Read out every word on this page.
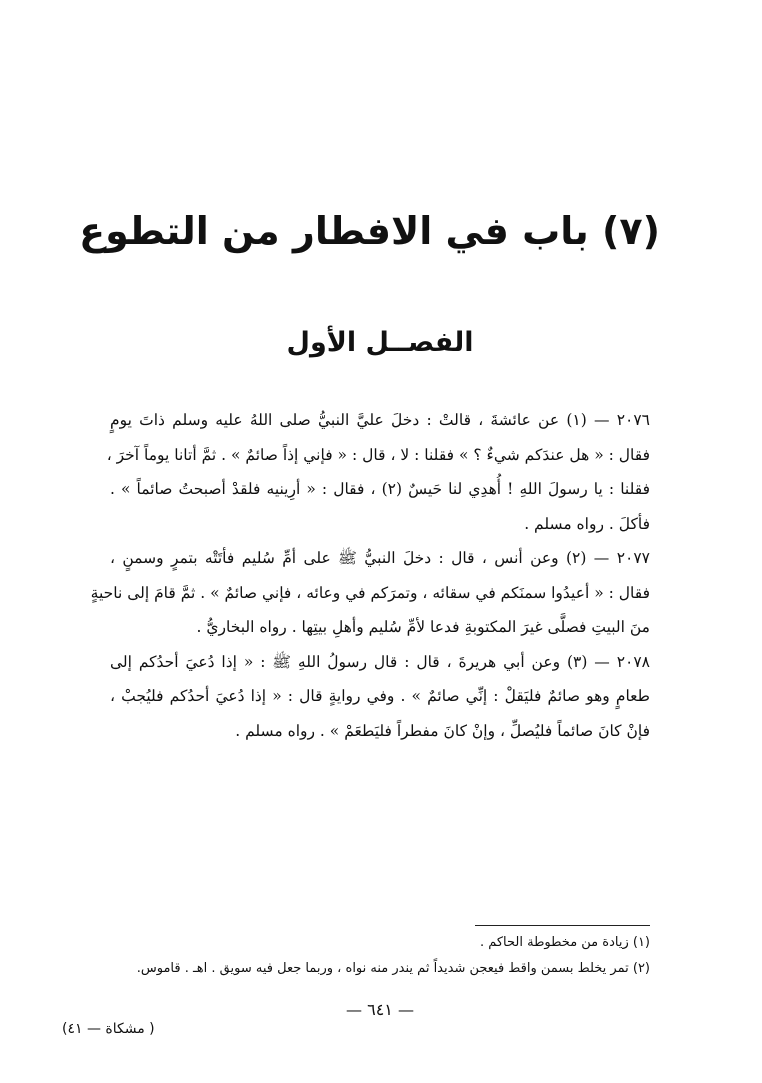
(٧) باب في الافطار من التطوع
الفصــل الأول
٢٠٧٦ — (١) عن عائشةَ ، قالتْ : دخلَ عليَّ النبيُّ صلى اللهُ عليه وسلم ذاتَ يومٍ
فقال : « هل عندَكم شيءٌ ؟ » فقلنا : لا ، قال : « فإني إذاً صائمٌ » . ثمَّ أتانا يوماً آخرَ ،
فقلنا : يا رسولَ اللهِ ! أُهدِي لنا حَيسٌ (٢) ، فقال : « أرِينيه فلقدْ أصبحتُ صائماً » .
فأكلَ . رواه مسلم .
٢٠٧٧ — (٢) وعن أنس ، قال : دخلَ النبيُّ ﷺ على أمِّ سُليم فأتَتْه بتمرٍ وسمنٍ ،
فقال : « أعيدُوا سمنَكم في سقائه ، وتمرَكم في وعائه ، فإني صائمٌ » . ثمَّ قامَ إلى ناحيةٍ
منَ البيتِ فصلَّى غيرَ المكتوبةِ فدعا لأمِّ سُليم وأهلِ بيتِها . رواه البخاريُّ .
٢٠٧٨ — (٣) وعن أبي هريرةَ ، قال : قال رسولُ اللهِ ﷺ : « إذا دُعيَ أحدُكم إلى
طعامٍ وهو صائمٌ فليَقلْ : إنِّي صائمٌ » . وفي روايةٍ قال : « إذا دُعيَ أحدُكم فليُجبْ ،
فإنْ كانَ صائماً فليُصلِّ ، وإنْ كانَ مفطراً فليَطعَمْ » . رواه مسلم .
(١) زيادة من مخطوطة الحاكم .
(٢) تمر يخلط بسمن واقط فيعجن شديداً ثم يندر منه نواه ، وربما جعل فيه سويق . اهـ . قاموس.
— ٦٤١ —
( مشكاة — ٤١)
